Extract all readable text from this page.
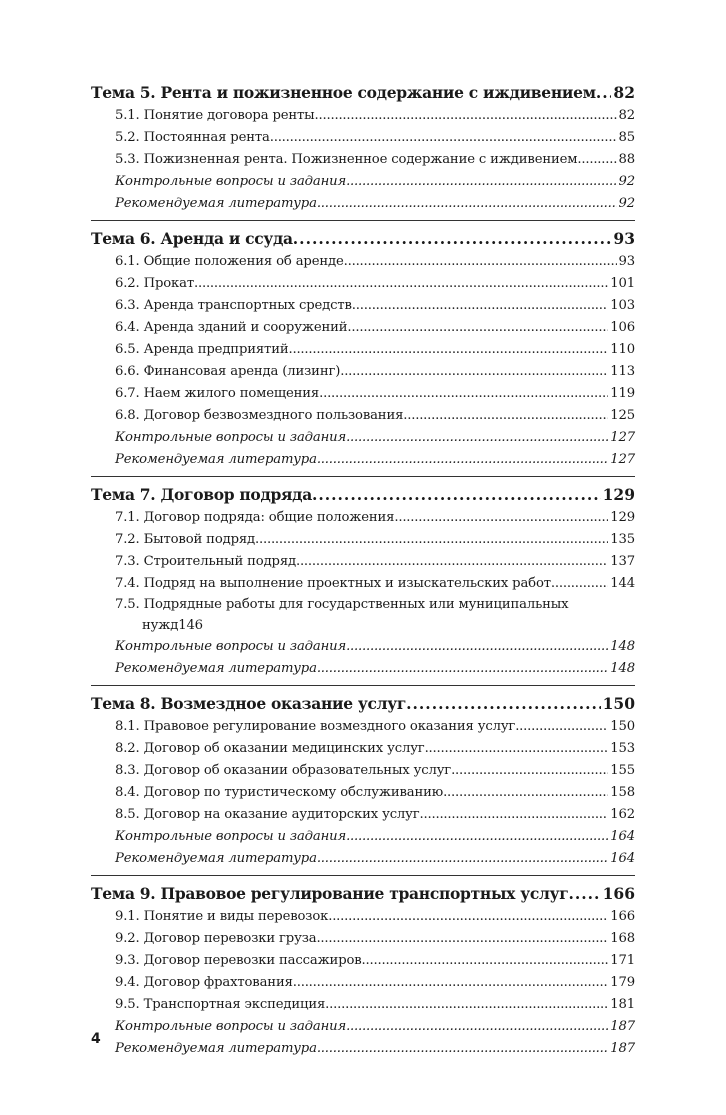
Тема 5. Рента и пожизненное содержание с иждивением . . . 82
5.1. Понятие договора ренты . . .	82
5.2. Постоянная рента . . .	85
5.3. Пожизненная рента. Пожизненное содержание с иждивением . . .	88
Контрольные вопросы и задания . . .	92
Рекомендуемая литература . . .	92
Тема 6. Аренда и ссуда . . .	93
6.1. Общие положения об аренде . . .	93
6.2. Прокат . . .	101
6.3. Аренда транспортных средств . . .	103
6.4. Аренда зданий и сооружений . . .	106
6.5. Аренда предприятий . . .	110
6.6. Финансовая аренда (лизинг) . . .	113
6.7. Наем жилого помещения . . .	119
6.8. Договор безвозмездного пользования . . .	125
Контрольные вопросы и задания . . .	127
Рекомендуемая литература . . .	127
Тема 7. Договор подряда . . .	129
7.1. Договор подряда: общие положения . . .	129
7.2. Бытовой подряд . . .	135
7.3. Строительный подряд . . .	137
7.4. Подряд на выполнение проектных и изыскательских работ . . .	144
7.5. Подрядные работы для государственных или муниципальных
нужд 146
Контрольные вопросы и задания . . .	148
Рекомендуемая литература . . .	148
Тема 8. Возмездное оказание услуг . . .	150
8.1. Правовое регулирование возмездного оказания услуг . . .	150
8.2. Договор об оказании медицинских услуг . . .	153
8.3. Договор об оказании образовательных услуг . . .	155
8.4. Договор по туристическому обслуживанию . . .	158
8.5. Договор на оказание аудиторских услуг . . .	162
Контрольные вопросы и задания . . .	164
Рекомендуемая литература . . .	164
Тема 9. Правовое регулирование транспортных услуг . . . 166
9.1. Понятие и виды перевозок . . .	166
9.2. Договор перевозки груза . . .	168
9.3. Договор перевозки пассажиров . . .	171
9.4. Договор фрахтования . . .	179
9.5. Транспортная экспедиция . . .	181
Контрольные вопросы и задания . . .	187
Рекомендуемая литература . . .	187
4
